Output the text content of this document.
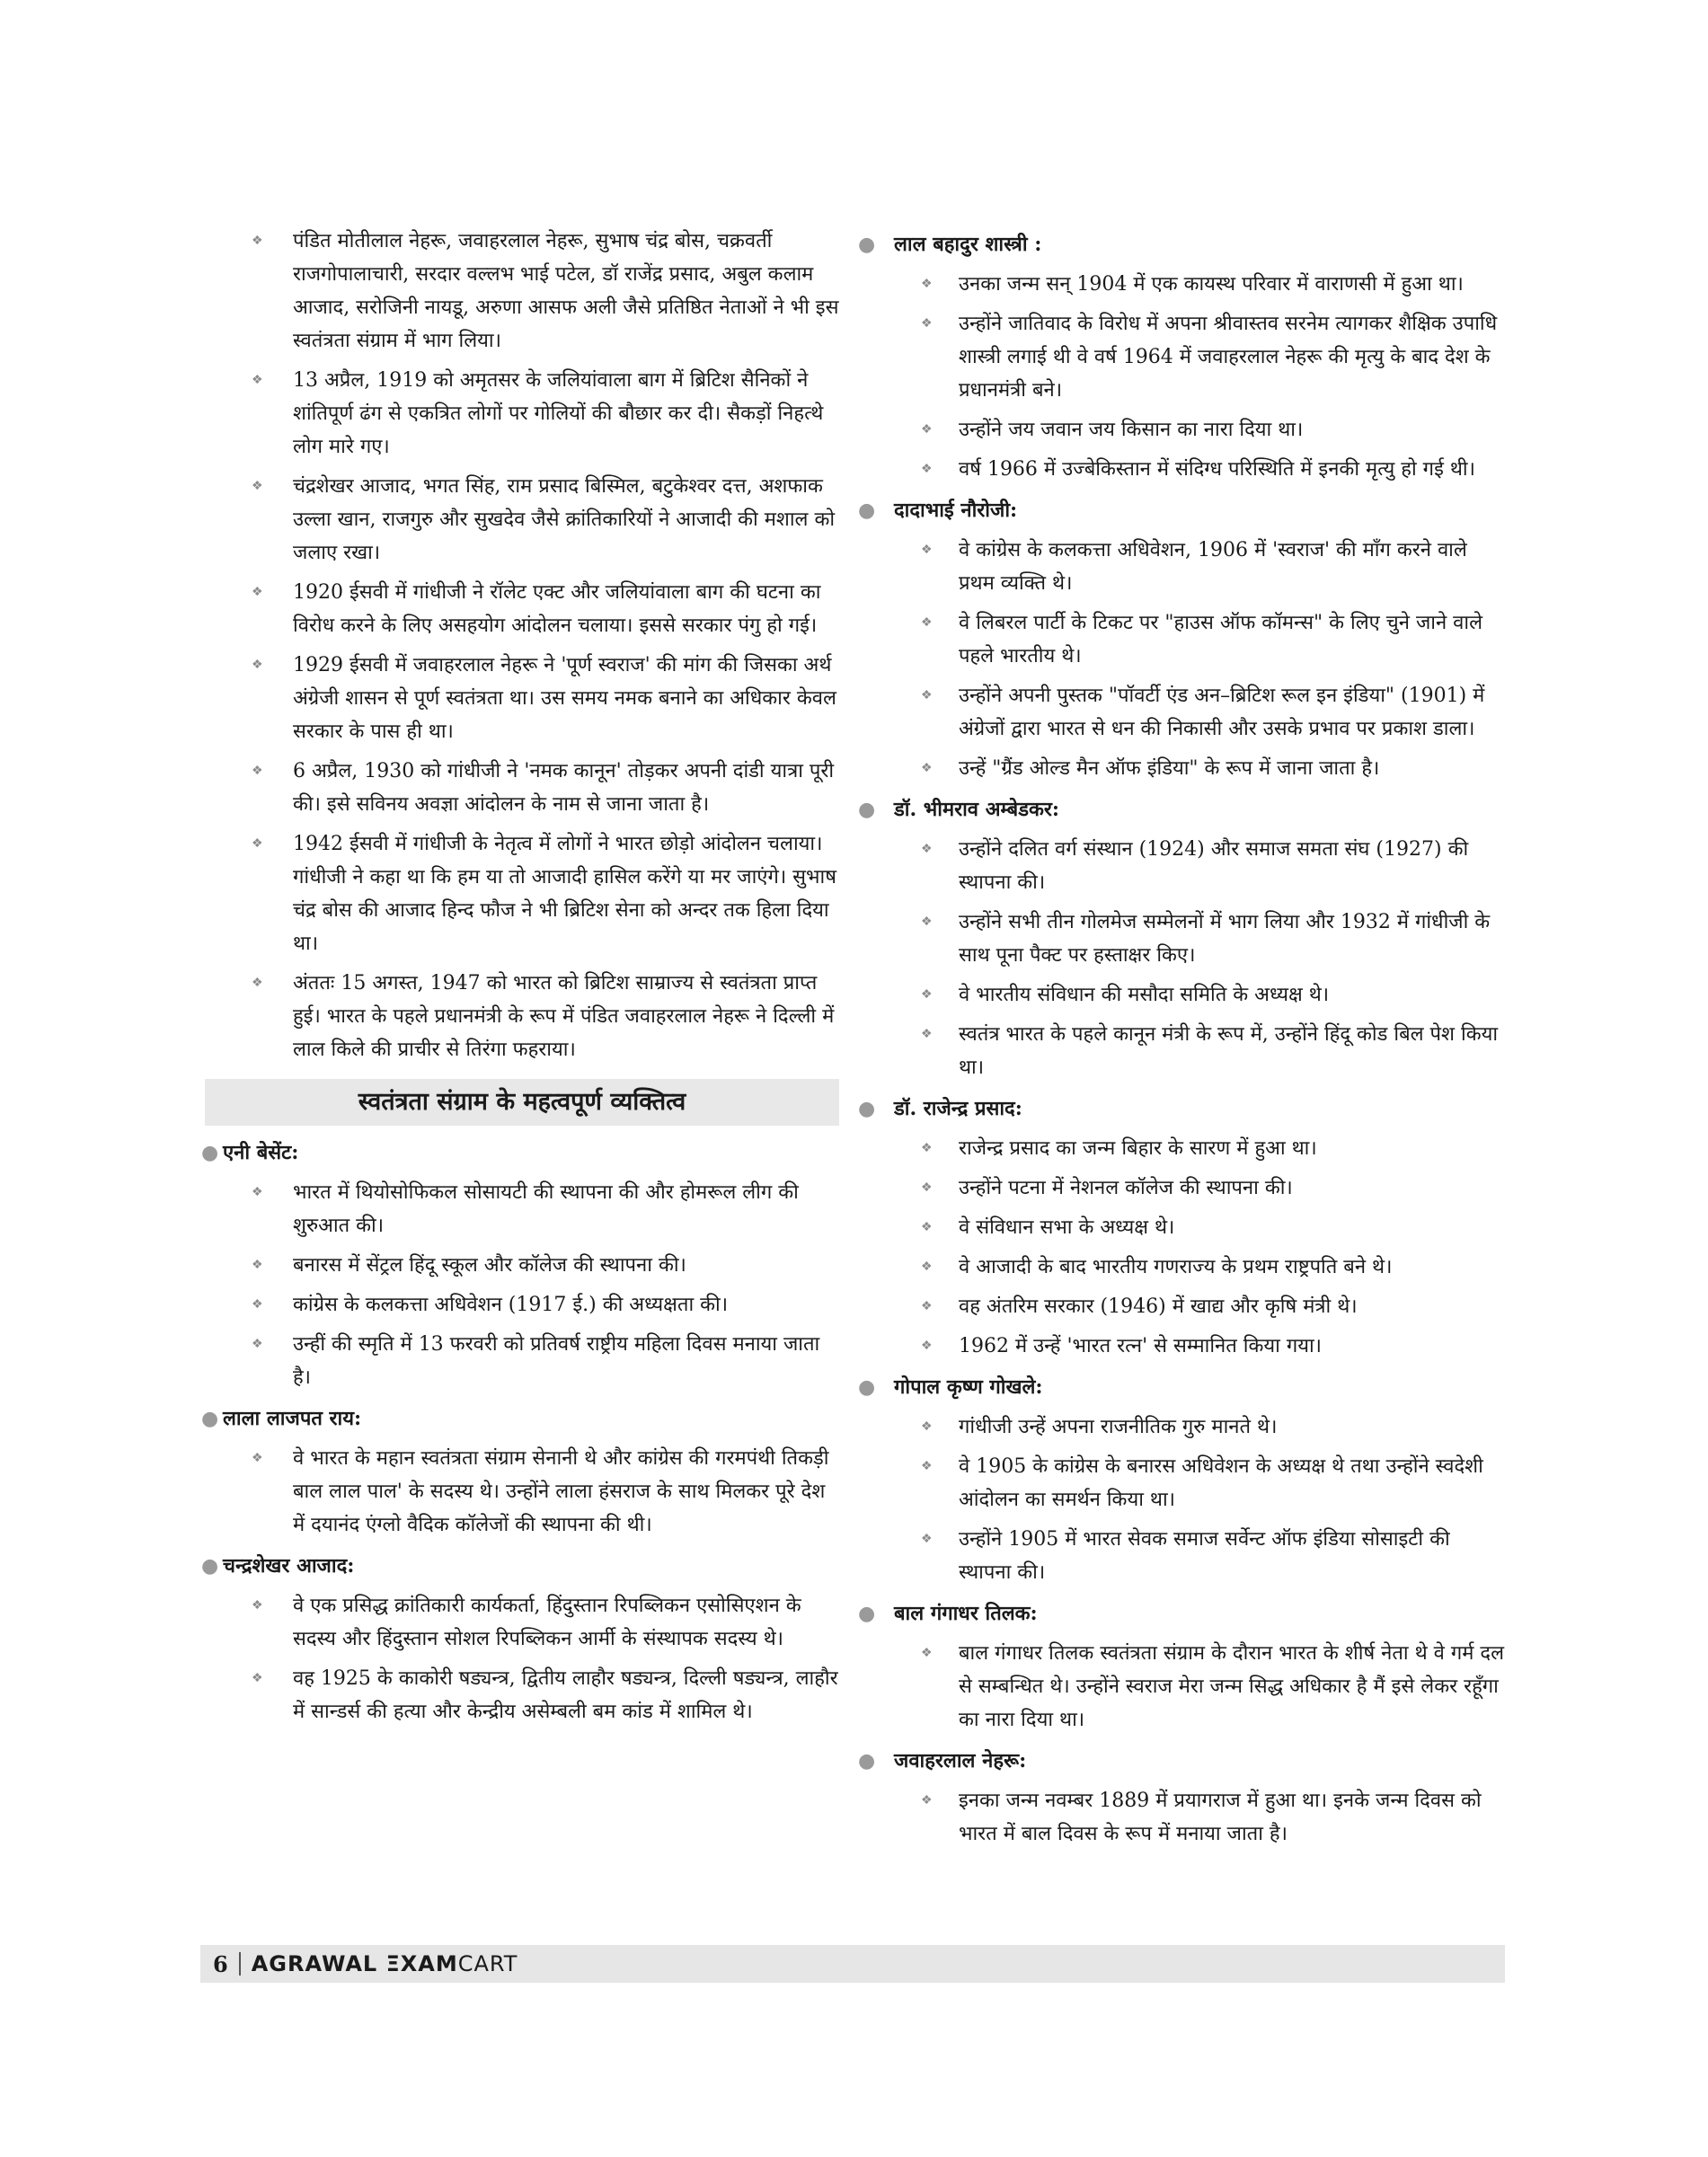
❖ पंडित मोतीलाल नेहरू, जवाहरलाल नेहरू, सुभाष चंद्र बोस, चक्रवर्ती राजगोपालाचारी, सरदार वल्लभ भाई पटेल, डॉ राजेंद्र प्रसाद, अबुल कलाम आजाद, सरोजिनी नायडू, अरुणा आसफ अली जैसे प्रतिष्ठित नेताओं ने भी इस स्वतंत्रता संग्राम में भाग लिया।
❖ 13 अप्रैल, 1919 को अमृतसर के जलियांवाला बाग में ब्रिटिश सैनिकों ने शांतिपूर्ण ढंग से एकत्रित लोगों पर गोलियों की बौछार कर दी। सैकड़ों निहत्थे लोग मारे गए।
❖ चंद्रशेखर आजाद, भगत सिंह, राम प्रसाद बिस्मिल, बटुकेश्वर दत्त, अशफाक उल्ला खान, राजगुरु और सुखदेव जैसे क्रांतिकारियों ने आजादी की मशाल को जलाए रखा।
❖ 1920 ईसवी में गांधीजी ने रॉलेट एक्ट और जलियांवाला बाग की घटना का विरोध करने के लिए असहयोग आंदोलन चलाया। इससे सरकार पंगु हो गई।
❖ 1929 ईसवी में जवाहरलाल नेहरू ने 'पूर्ण स्वराज' की मांग की जिसका अर्थ अंग्रेजी शासन से पूर्ण स्वतंत्रता था। उस समय नमक बनाने का अधिकार केवल सरकार के पास ही था।
❖ 6 अप्रैल, 1930 को गांधीजी ने 'नमक कानून' तोड़कर अपनी दांडी यात्रा पूरी की। इसे सविनय अवज्ञा आंदोलन के नाम से जाना जाता है।
❖ 1942 ईसवी में गांधीजी के नेतृत्व में लोगों ने भारत छोड़ो आंदोलन चलाया। गांधीजी ने कहा था कि हम या तो आजादी हासिल करेंगे या मर जाएंगे। सुभाष चंद्र बोस की आजाद हिन्द फौज ने भी ब्रिटिश सेना को अन्दर तक हिला दिया था।
❖ अंततः 15 अगस्त, 1947 को भारत को ब्रिटिश साम्राज्य से स्वतंत्रता प्राप्त हुई। भारत के पहले प्रधानमंत्री के रूप में पंडित जवाहरलाल नेहरू ने दिल्ली में लाल किले की प्राचीर से तिरंगा फहराया।
स्वतंत्रता संग्राम के महत्वपूर्ण व्यक्तित्व
● एनी बेसेंट:
❖ भारत में थियोसोफिकल सोसायटी की स्थापना की और होमरूल लीग की शुरुआत की।
❖ बनारस में सेंट्रल हिंदू स्कूल और कॉलेज की स्थापना की।
❖ कांग्रेस के कलकत्ता अधिवेशन (1917 ई.) की अध्यक्षता की।
❖ उन्हीं की स्मृति में 13 फरवरी को प्रतिवर्ष राष्ट्रीय महिला दिवस मनाया जाता है।
● लाला लाजपत राय:
❖ वे भारत के महान स्वतंत्रता संग्राम सेनानी थे और कांग्रेस की गरमपंथी तिकड़ी बाल लाल पाल' के सदस्य थे। उन्होंने लाला हंसराज के साथ मिलकर पूरे देश में दयानंद एंग्लो वैदिक कॉलेजों की स्थापना की थी।
● चन्द्रशेखर आजाद:
❖ वे एक प्रसिद्ध क्रांतिकारी कार्यकर्ता, हिंदुस्तान रिपब्लिकन एसोसिएशन के सदस्य और हिंदुस्तान सोशल रिपब्लिकन आर्मी के संस्थापक सदस्य थे।
❖ वह 1925 के काकोरी षड्यन्त्र, द्वितीय लाहौर षड्यन्त्र, दिल्ली षड्यन्त्र, लाहौर में सान्डर्स की हत्या और केन्द्रीय असेम्बली बम कांड में शामिल थे।
● लाल बहादुर शास्त्री :
❖ उनका जन्म सन् 1904 में एक कायस्थ परिवार में वाराणसी में हुआ था।
❖ उन्होंने जातिवाद के विरोध में अपना श्रीवास्तव सरनेम त्यागकर शैक्षिक उपाधि शास्त्री लगाई थी वे वर्ष 1964 में जवाहरलाल नेहरू की मृत्यु के बाद देश के प्रधानमंत्री बने।
❖ उन्होंने जय जवान जय किसान का नारा दिया था।
❖ वर्ष 1966 में उज्बेकिस्तान में संदिग्ध परिस्थिति में इनकी मृत्यु हो गई थी।
● दादाभाई नौरोजी:
❖ वे कांग्रेस के कलकत्ता अधिवेशन, 1906 में 'स्वराज' की माँग करने वाले प्रथम व्यक्ति थे।
❖ वे लिबरल पार्टी के टिकट पर "हाउस ऑफ कॉमन्स" के लिए चुने जाने वाले पहले भारतीय थे।
❖ उन्होंने अपनी पुस्तक "पॉवर्टी एंड अन–ब्रिटिश रूल इन इंडिया" (1901) में अंग्रेजों द्वारा भारत से धन की निकासी और उसके प्रभाव पर प्रकाश डाला।
❖ उन्हें "ग्रैंड ओल्ड मैन ऑफ इंडिया" के रूप में जाना जाता है।
● डॉ. भीमराव अम्बेडकर:
❖ उन्होंने दलित वर्ग संस्थान (1924) और समाज समता संघ (1927) की स्थापना की।
❖ उन्होंने सभी तीन गोलमेज सम्मेलनों में भाग लिया और 1932 में गांधीजी के साथ पूना पैक्ट पर हस्ताक्षर किए।
❖ वे भारतीय संविधान की मसौदा समिति के अध्यक्ष थे।
❖ स्वतंत्र भारत के पहले कानून मंत्री के रूप में, उन्होंने हिंदू कोड बिल पेश किया था।
● डॉ. राजेन्द्र प्रसाद:
❖ राजेन्द्र प्रसाद का जन्म बिहार के सारण में हुआ था।
❖ उन्होंने पटना में नेशनल कॉलेज की स्थापना की।
❖ वे संविधान सभा के अध्यक्ष थे।
❖ वे आजादी के बाद भारतीय गणराज्य के प्रथम राष्ट्रपति बने थे।
❖ वह अंतरिम सरकार (1946) में खाद्य और कृषि मंत्री थे।
❖ 1962 में उन्हें 'भारत रत्न' से सम्मानित किया गया।
● गोपाल कृष्ण गोखले:
❖ गांधीजी उन्हें अपना राजनीतिक गुरु मानते थे।
❖ वे 1905 के कांग्रेस के बनारस अधिवेशन के अध्यक्ष थे तथा उन्होंने स्वदेशी आंदोलन का समर्थन किया था।
❖ उन्होंने 1905 में भारत सेवक समाज सर्वेन्ट ऑफ इंडिया सोसाइटी की स्थापना की।
● बाल गंगाधर तिलक:
❖ बाल गंगाधर तिलक स्वतंत्रता संग्राम के दौरान भारत के शीर्ष नेता थे वे गर्म दल से सम्बन्धित थे। उन्होंने स्वराज मेरा जन्म सिद्ध अधिकार है मैं इसे लेकर रहूँगा का नारा दिया था।
● जवाहरलाल नेहरू:
❖ इनका जन्म नवम्बर 1889 में प्रयागराज में हुआ था। इनके जन्म दिवस को भारत में बाल दिवस के रूप में मनाया जाता है।
6	AGRAWAL ΞXAMCART
